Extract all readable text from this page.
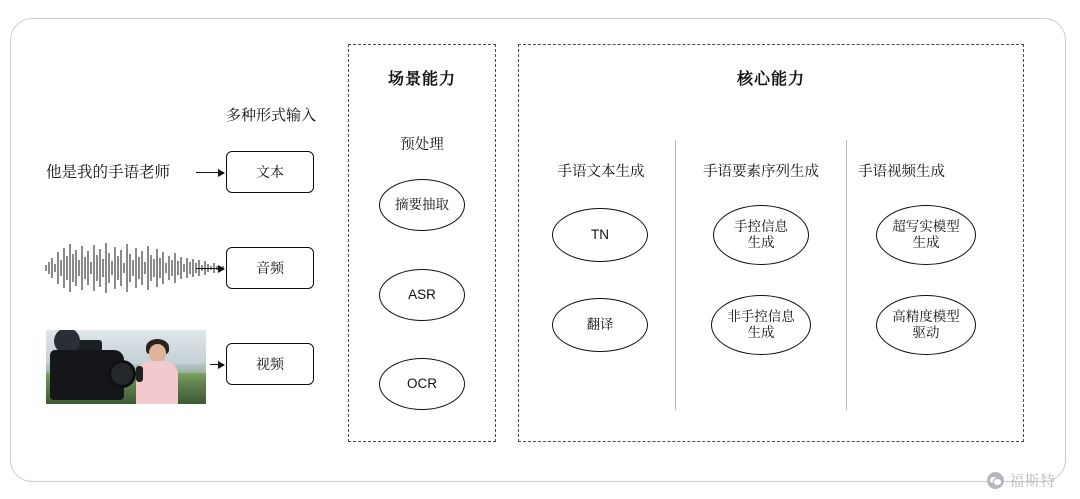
多种形式输入
他是我的手语老师	文本
音频
视频
场景能力
预处理
摘要抽取
ASR
OCR
核心能力
手语文本生成
TN
翻译
手语要素序列生成
手控信息
生成
非手控信息
生成
手语视频生成
超写实模型
生成
高精度模型
驱动
福斯特
